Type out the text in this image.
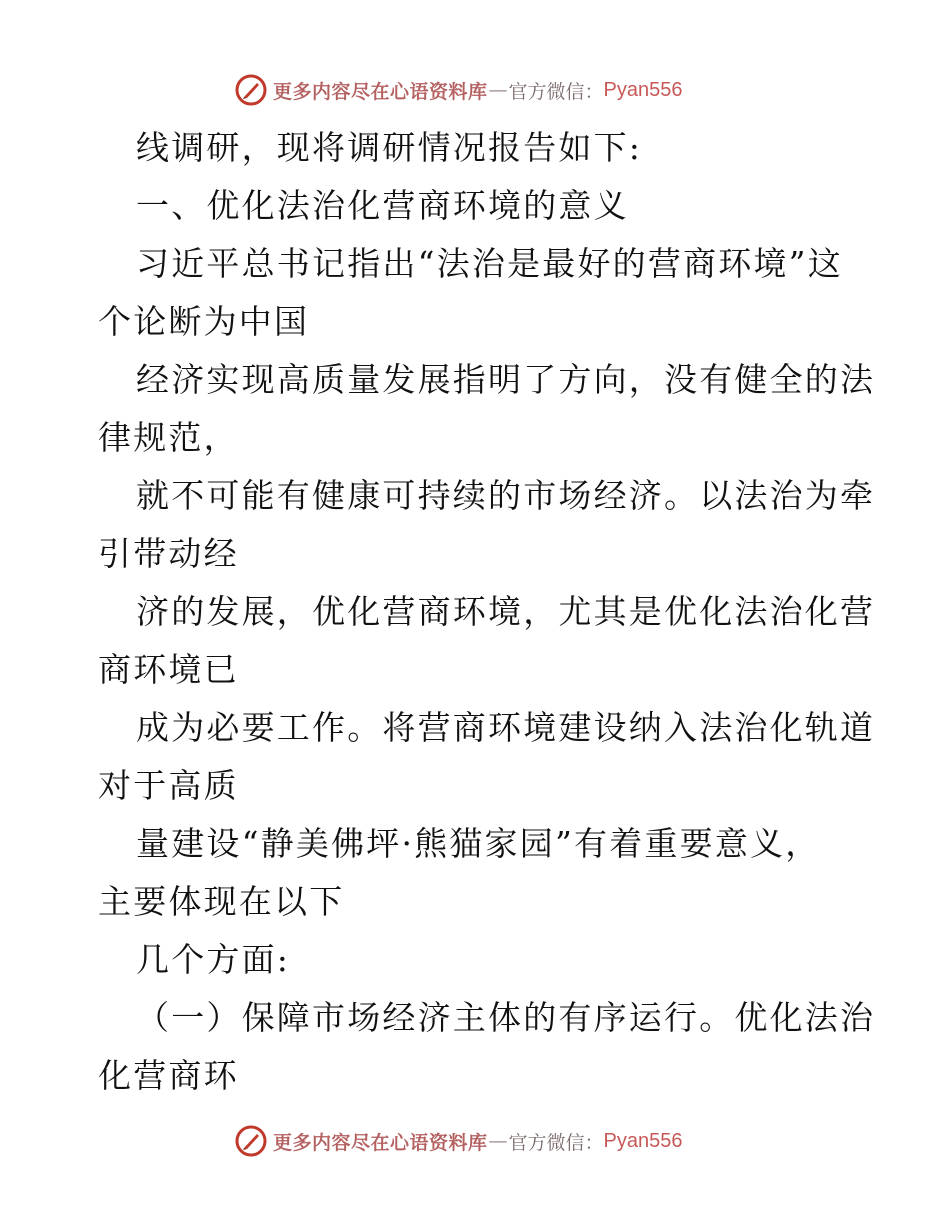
更多内容尽在心语资料库 — 官方微信： Pyan556
线调研，现将调研情况报告如下:
一、优化法治化营商环境的意义
习近平总书记指出“法治是最好的营商环境”这
个论断为中国
经济实现高质量发展指明了方向，没有健全的法
律规范，
就不可能有健康可持续的市场经济。以法治为牵
引带动经
济的发展，优化营商环境，尤其是优化法治化营
商环境已
成为必要工作。将营商环境建设纳入法治化轨道
对于高质
量建设“静美佛坪·熊猫家园”有着重要意义，
主要体现在以下
几个方面:
（一）保障市场经济主体的有序运行。优化法治
化营商环
更多内容尽在心语资料库 — 官方微信： Pyan556
